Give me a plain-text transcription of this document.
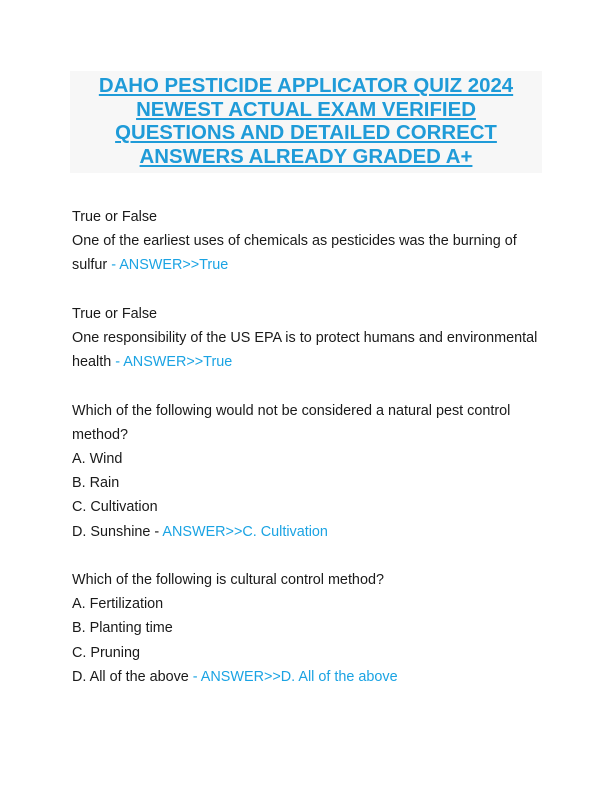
DAHO PESTICIDE APPLICATOR QUIZ 2024
NEWEST ACTUAL EXAM VERIFIED
QUESTIONS AND DETAILED CORRECT
ANSWERS ALREADY GRADED A+
True or False
One of the earliest uses of chemicals as pesticides was the burning of
sulfur - ANSWER>>True
True or False
One responsibility of the US EPA is to protect humans and environmental
health - ANSWER>>True
Which of the following would not be considered a natural pest control
method?
A. Wind
B. Rain
C. Cultivation
D. Sunshine - ANSWER>>C. Cultivation
Which of the following is cultural control method?
A. Fertilization
B. Planting time
C. Pruning
D. All of the above - ANSWER>>D. All of the above
